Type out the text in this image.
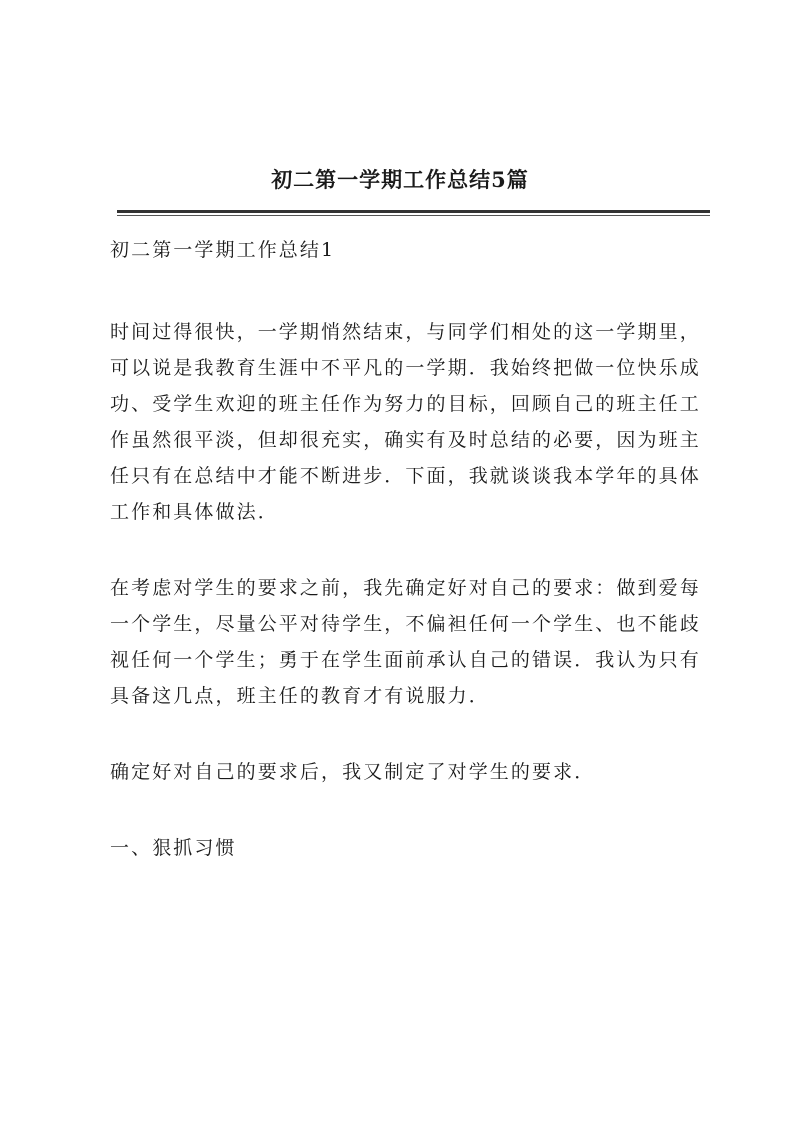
初二第一学期工作总结5篇

初二第一学期工作总结1

时间过得很快，一学期悄然结束，与同学们相处的这一学期里，可以说是我教育生涯中不平凡的一学期．我始终把做一位快乐成功、受学生欢迎的班主任作为努力的目标，回顾自己的班主任工作虽然很平淡，但却很充实，确实有及时总结的必要，因为班主任只有在总结中才能不断进步．下面，我就谈谈我本学年的具体工作和具体做法．

在考虑对学生的要求之前，我先确定好对自己的要求：做到爱每一个学生，尽量公平对待学生，不偏袒任何一个学生、也不能歧视任何一个学生；勇于在学生面前承认自己的错误．我认为只有具备这几点，班主任的教育才有说服力．

确定好对自己的要求后，我又制定了对学生的要求．

一、狠抓习惯
